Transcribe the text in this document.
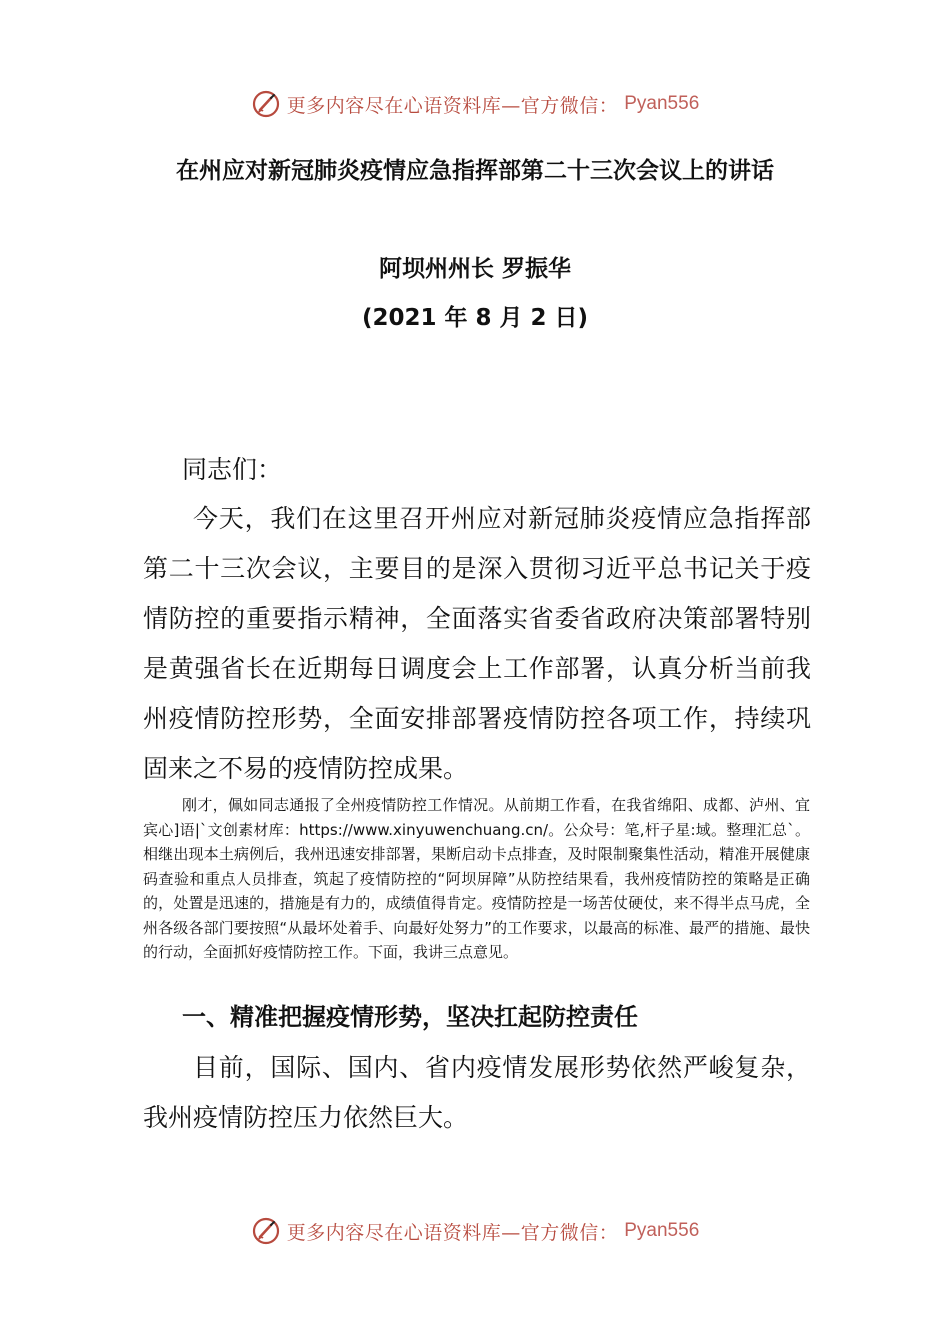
更多内容尽在心语资料库—官方微信： Pyan556
在州应对新冠肺炎疫情应急指挥部第二十三次会议上的讲话

阿坝州州长 罗振华

(2021 年 8 月 2 日)

同志们：

今天，我们在这里召开州应对新冠肺炎疫情应急指挥部第二十三次会议，主要目的是深入贯彻习近平总书记关于疫情防控的重要指示精神，全面落实省委省政府决策部署特别是黄强省长在近期每日调度会上工作部署，认真分析当前我州疫情防控形势，全面安排部署疫情防控各项工作，持续巩固来之不易的疫情防控成果。

刚才，佩如同志通报了全州疫情防控工作情况。从前期工作看，在我省绵阳、成都、泸州、宜宾心]语|`文创素材库：https://www.xinyuwenchuang.cn/。公众号：笔,杆子星:域。整理汇总`。相继出现本土病例后，我州迅速安排部署，果断启动卡点排查，及时限制聚集性活动，精准开展健康码查验和重点人员排查，筑起了疫情防控的“阿坝屏障”从防控结果看，我州疫情防控的策略是正确的，处置是迅速的，措施是有力的，成绩值得肯定。疫情防控是一场苦仗硬仗，来不得半点马虎，全州各级各部门要按照“从最坏处着手、向最好处努力”的工作要求，以最高的标准、最严的措施、最快的行动，全面抓好疫情防控工作。下面，我讲三点意见。

一、精准把握疫情形势，坚决扛起防控责任

目前，国际、国内、省内疫情发展形势依然严峻复杂，我州疫情防控压力依然巨大。

更多内容尽在心语资料库—官方微信： Pyan556
